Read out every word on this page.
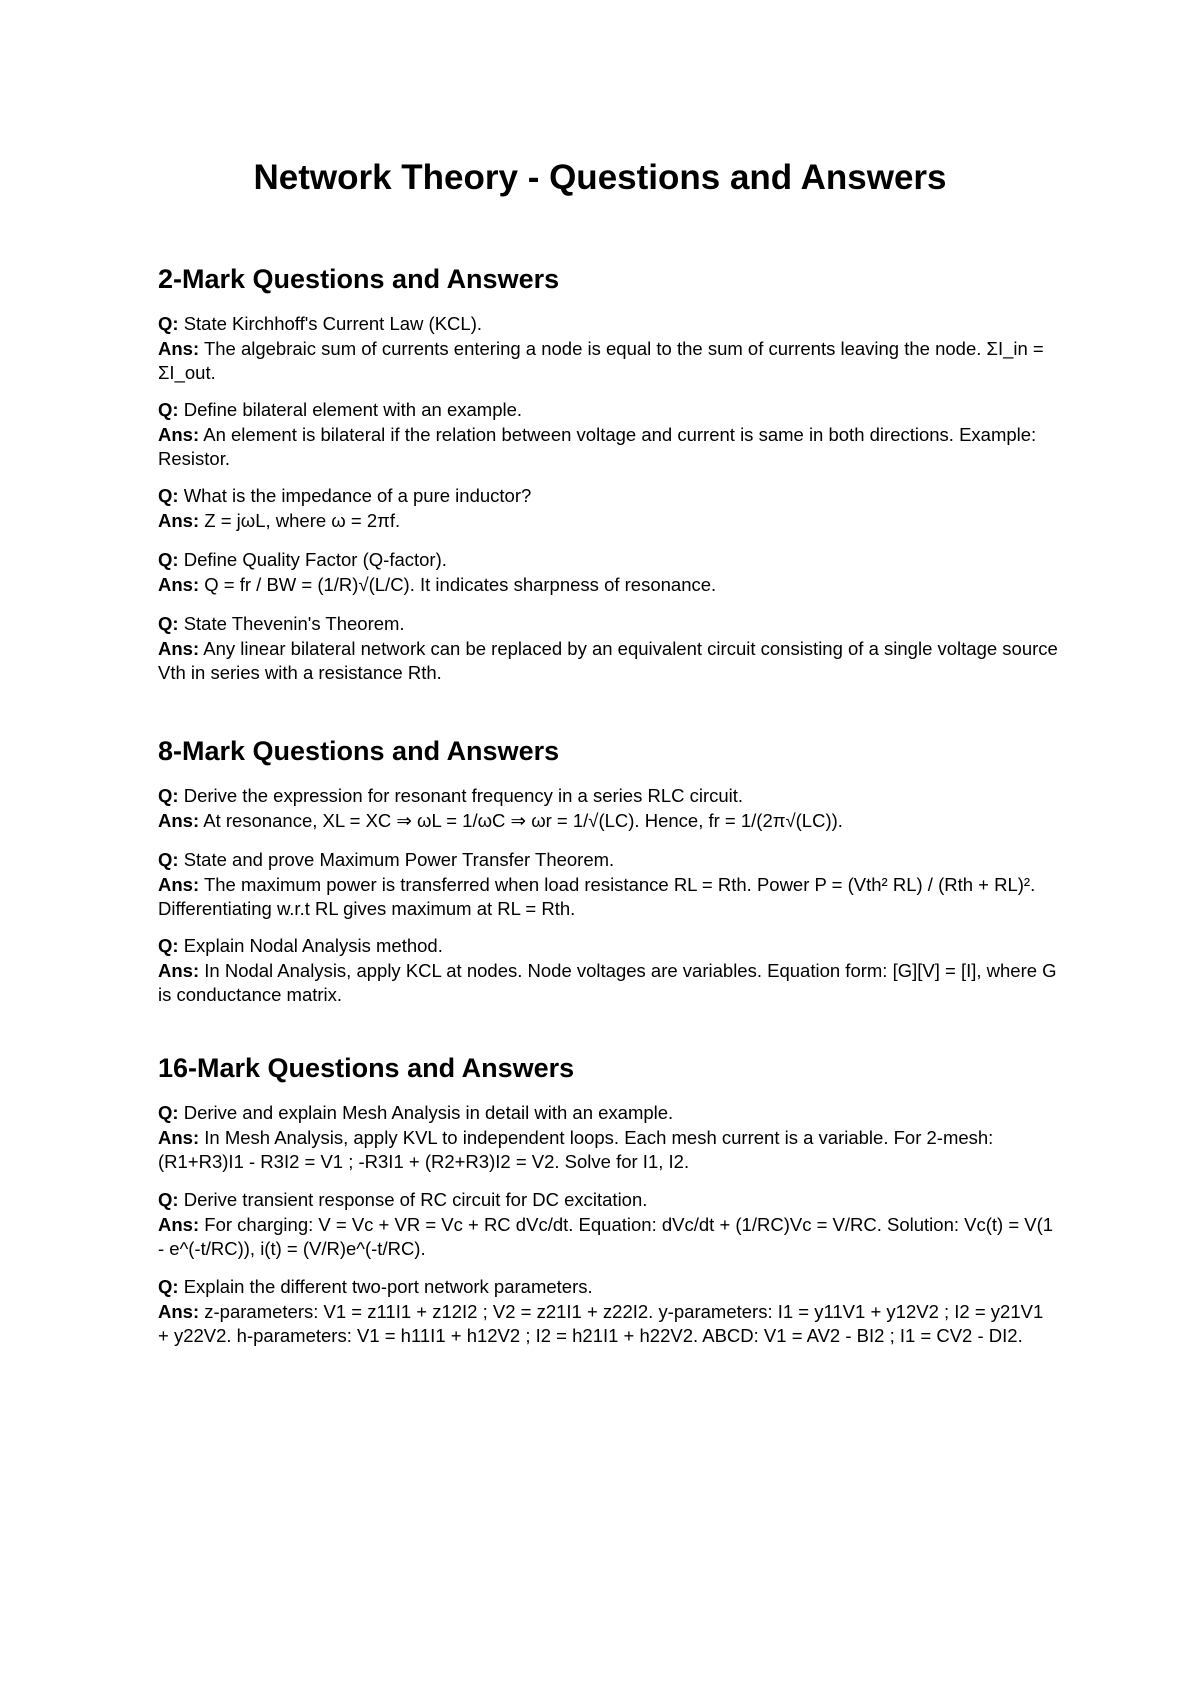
Network Theory - Questions and Answers
2-Mark Questions and Answers

Q: State Kirchhoff's Current Law (KCL).

Ans: The algebraic sum of currents entering a node is equal to the sum of currents leaving the node. ΣI_in = ΣI_out.

Q: Define bilateral element with an example.

Ans: An element is bilateral if the relation between voltage and current is same in both directions. Example: Resistor.

Q: What is the impedance of a pure inductor?

Ans: Z = jωL, where ω = 2πf.

Q: Define Quality Factor (Q-factor).

Ans: Q = fr / BW = (1/R)√(L/C). It indicates sharpness of resonance.

Q: State Thevenin's Theorem.

Ans: Any linear bilateral network can be replaced by an equivalent circuit consisting of a single voltage source Vth in series with a resistance Rth.

8-Mark Questions and Answers

Q: Derive the expression for resonant frequency in a series RLC circuit.

Ans: At resonance, XL = XC ⇒ ωL = 1/ωC ⇒ ωr = 1/√(LC). Hence, fr = 1/(2π√(LC)).

Q: State and prove Maximum Power Transfer Theorem.

Ans: The maximum power is transferred when load resistance RL = Rth. Power P = (Vth² RL) / (Rth + RL)². Differentiating w.r.t RL gives maximum at RL = Rth.

Q: Explain Nodal Analysis method.

Ans: In Nodal Analysis, apply KCL at nodes. Node voltages are variables. Equation form: [G][V] = [I], where G is conductance matrix.

16-Mark Questions and Answers

Q: Derive and explain Mesh Analysis in detail with an example.

Ans: In Mesh Analysis, apply KVL to independent loops. Each mesh current is a variable. For 2-mesh: (R1+R3)I1 - R3I2 = V1 ; -R3I1 + (R2+R3)I2 = V2. Solve for I1, I2.

Q: Derive transient response of RC circuit for DC excitation.

Ans: For charging: V = Vc + VR = Vc + RC dVc/dt. Equation: dVc/dt + (1/RC)Vc = V/RC. Solution: Vc(t) = V(1 - e^(-t/RC)), i(t) = (V/R)e^(-t/RC).

Q: Explain the different two-port network parameters.

Ans: z-parameters: V1 = z11I1 + z12I2 ; V2 = z21I1 + z22I2. y-parameters: I1 = y11V1 + y12V2 ; I2 = y21V1 + y22V2. h-parameters: V1 = h11I1 + h12V2 ; I2 = h21I1 + h22V2. ABCD: V1 = AV2 - BI2 ; I1 = CV2 - DI2.
